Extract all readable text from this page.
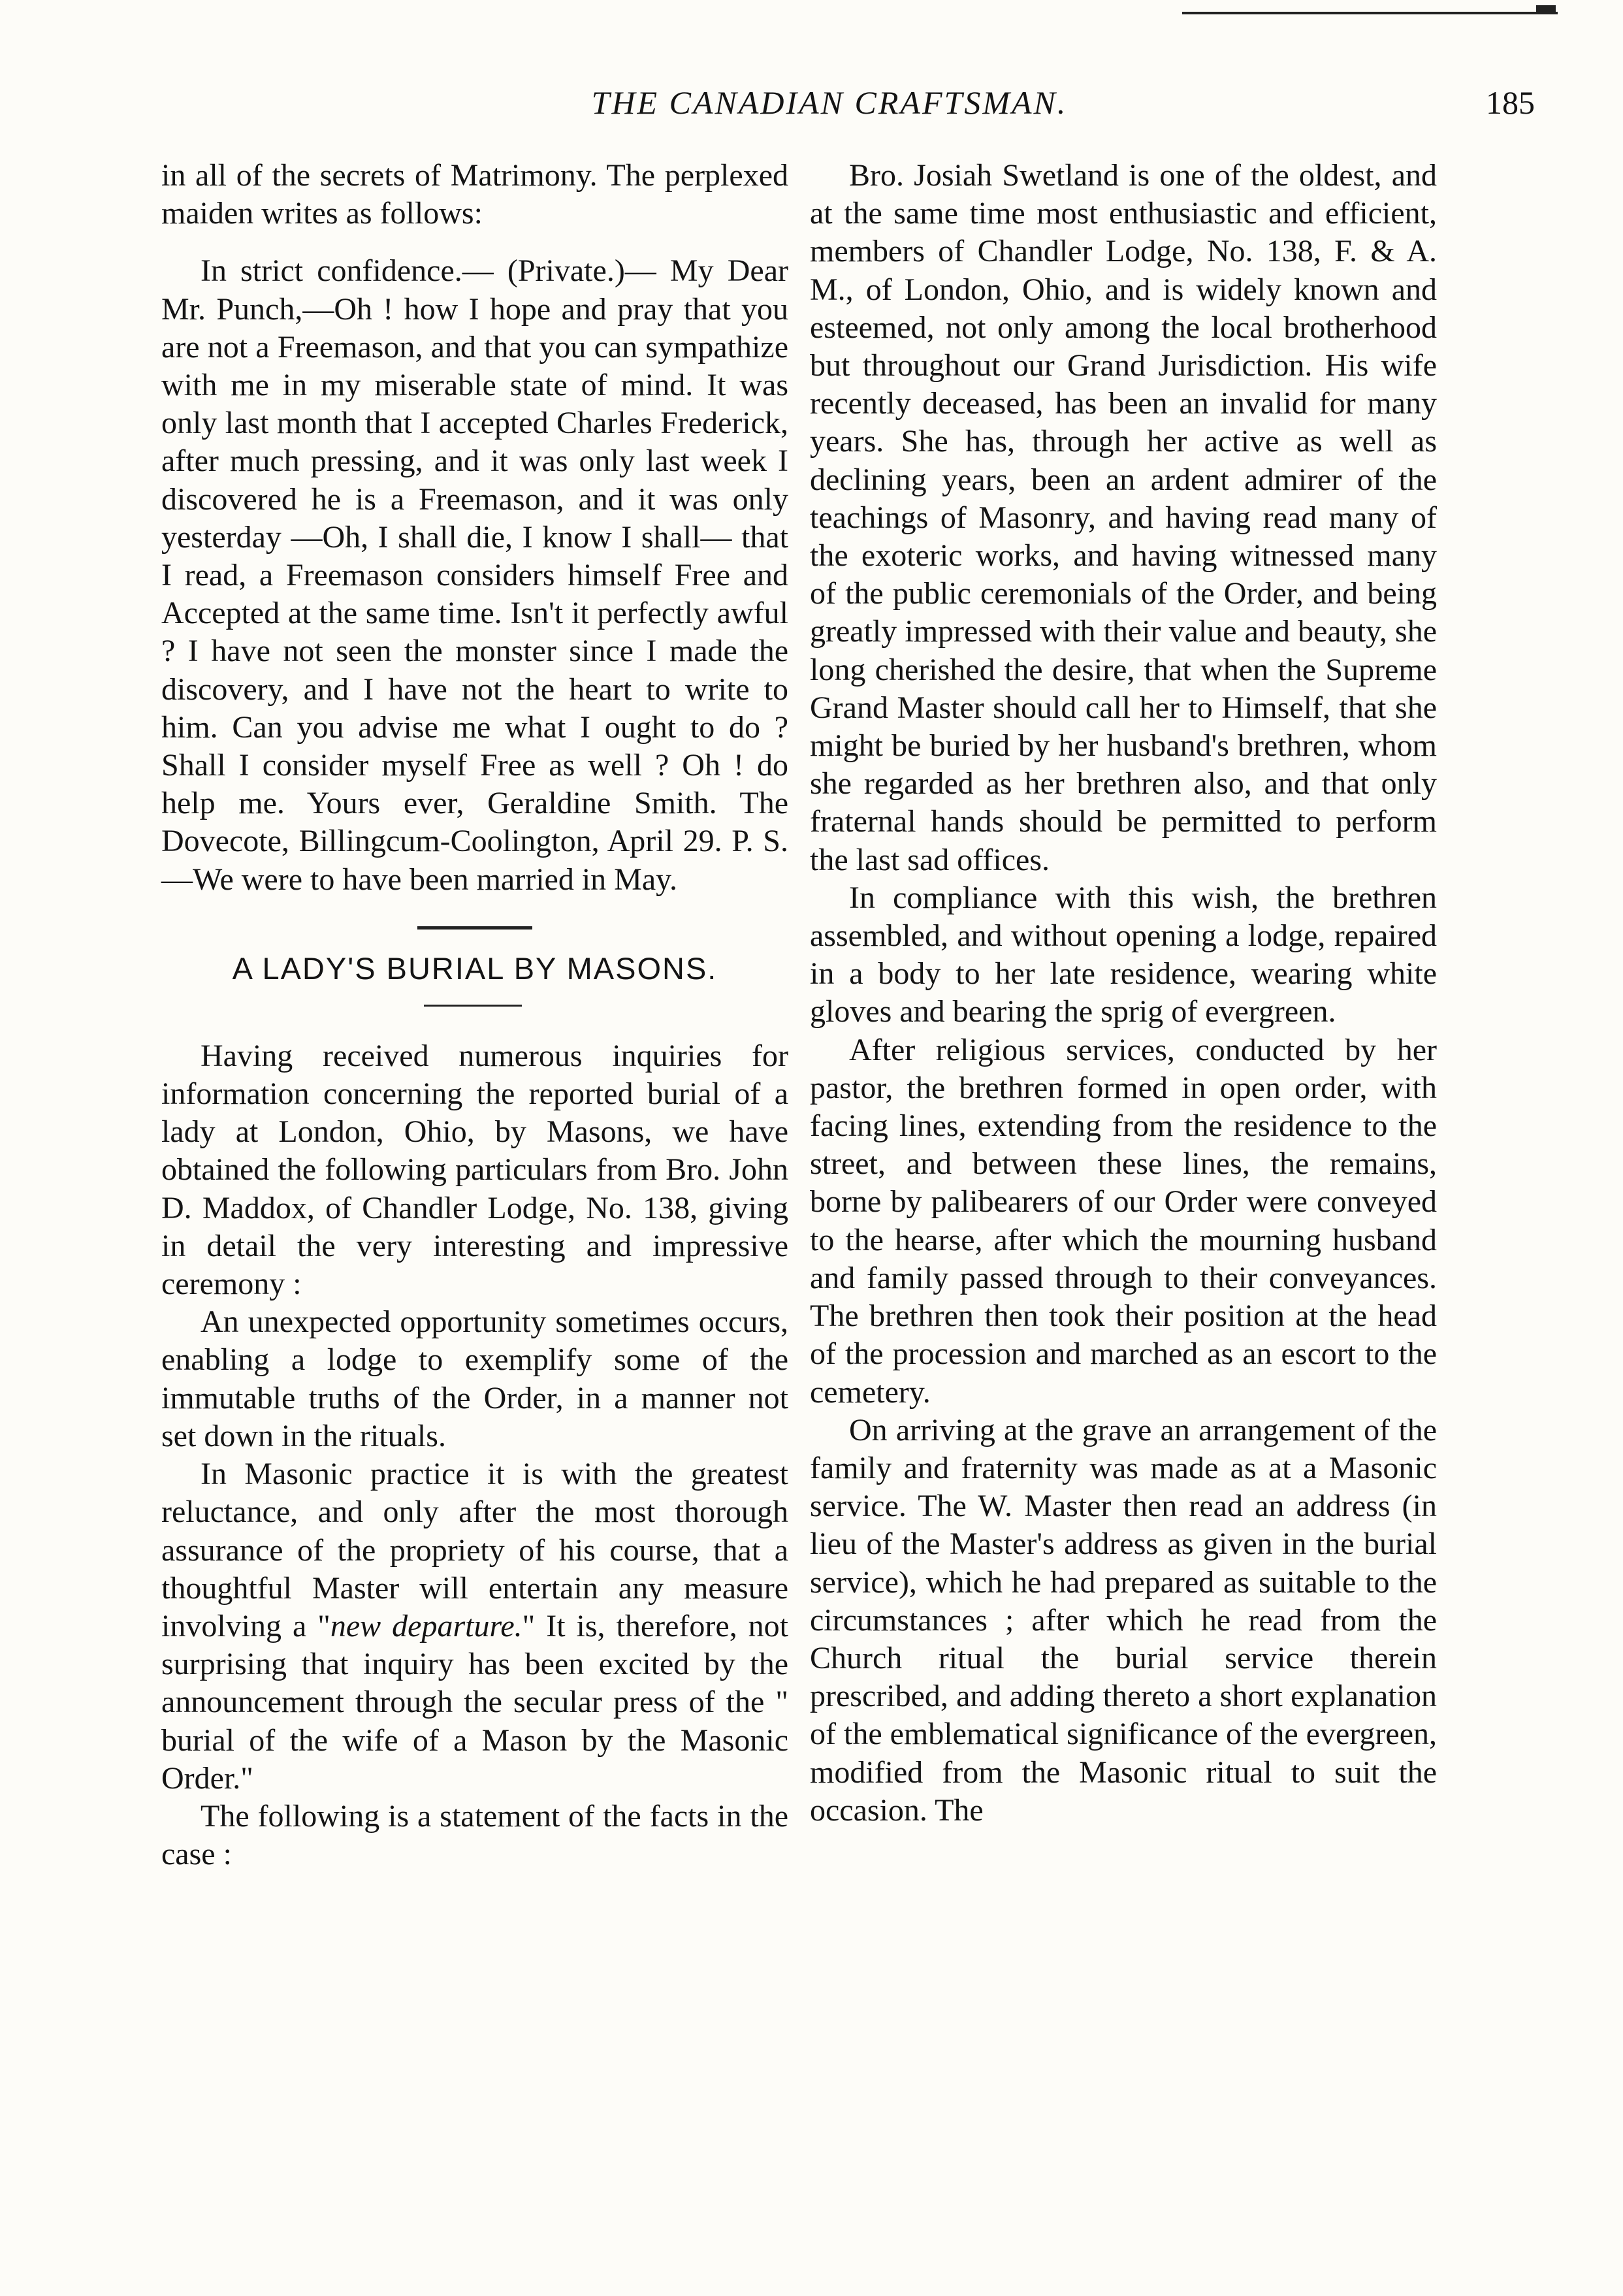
THE CANADIAN CRAFTSMAN.	185

in all of the secrets of Matrimony. The perplexed maiden writes as follows:

In strict confidence.— (Private.)— My Dear Mr. Punch,—Oh ! how I hope and pray that you are not a Freemason, and that you can sympathize with me in my miserable state of mind. It was only last month that I accepted Charles Frederick, after much pressing, and it was only last week I discovered he is a Freemason, and it was only yesterday —Oh, I shall die, I know I shall— that I read, a Freemason considers himself Free and Accepted at the same time. Isn't it perfectly awful ? I have not seen the monster since I made the discovery, and I have not the heart to write to him. Can you advise me what I ought to do ? Shall I consider myself Free as well ? Oh ! do help me. Yours ever, Geraldine Smith. The Dovecote, Billingcum-Coolington, April 29. P. S.—We were to have been married in May.

A LADY'S BURIAL BY MASONS.

Having received numerous inquiries for information concerning the reported burial of a lady at London, Ohio, by Masons, we have obtained the following particulars from Bro. John D. Maddox, of Chandler Lodge, No. 138, giving in detail the very interesting and impressive ceremony :

An unexpected opportunity sometimes occurs, enabling a lodge to exemplify some of the immutable truths of the Order, in a manner not set down in the rituals.

In Masonic practice it is with the greatest reluctance, and only after the most thorough assurance of the propriety of his course, that a thoughtful Master will entertain any measure involving a "new departure." It is, therefore, not surprising that inquiry has been excited by the announcement through the secular press of the " burial of the wife of a Mason by the Masonic Order."

The following is a statement of the facts in the case :

Bro. Josiah Swetland is one of the oldest, and at the same time most enthusiastic and efficient, members of Chandler Lodge, No. 138, F. & A. M., of London, Ohio, and is widely known and esteemed, not only among the local brotherhood but throughout our Grand Jurisdiction. His wife recently deceased, has been an invalid for many years. She has, through her active as well as declining years, been an ardent admirer of the teachings of Masonry, and having read many of the exoteric works, and having witnessed many of the public ceremonials of the Order, and being greatly impressed with their value and beauty, she long cherished the desire, that when the Supreme Grand Master should call her to Himself, that she might be buried by her husband's brethren, whom she regarded as her brethren also, and that only fraternal hands should be permitted to perform the last sad offices.

In compliance with this wish, the brethren assembled, and without opening a lodge, repaired in a body to her late residence, wearing white gloves and bearing the sprig of evergreen.

After religious services, conducted by her pastor, the brethren formed in open order, with facing lines, extending from the residence to the street, and between these lines, the remains, borne by palibearers of our Order were conveyed to the hearse, after which the mourning husband and family passed through to their conveyances. The brethren then took their position at the head of the procession and marched as an escort to the cemetery.

On arriving at the grave an arrangement of the family and fraternity was made as at a Masonic service. The W. Master then read an address (in lieu of the Master's address as given in the burial service), which he had prepared as suitable to the circumstances ; after which he read from the Church ritual the burial service therein prescribed, and adding thereto a short explanation of the emblematical significance of the evergreen, modified from the Masonic ritual to suit the occasion. The
